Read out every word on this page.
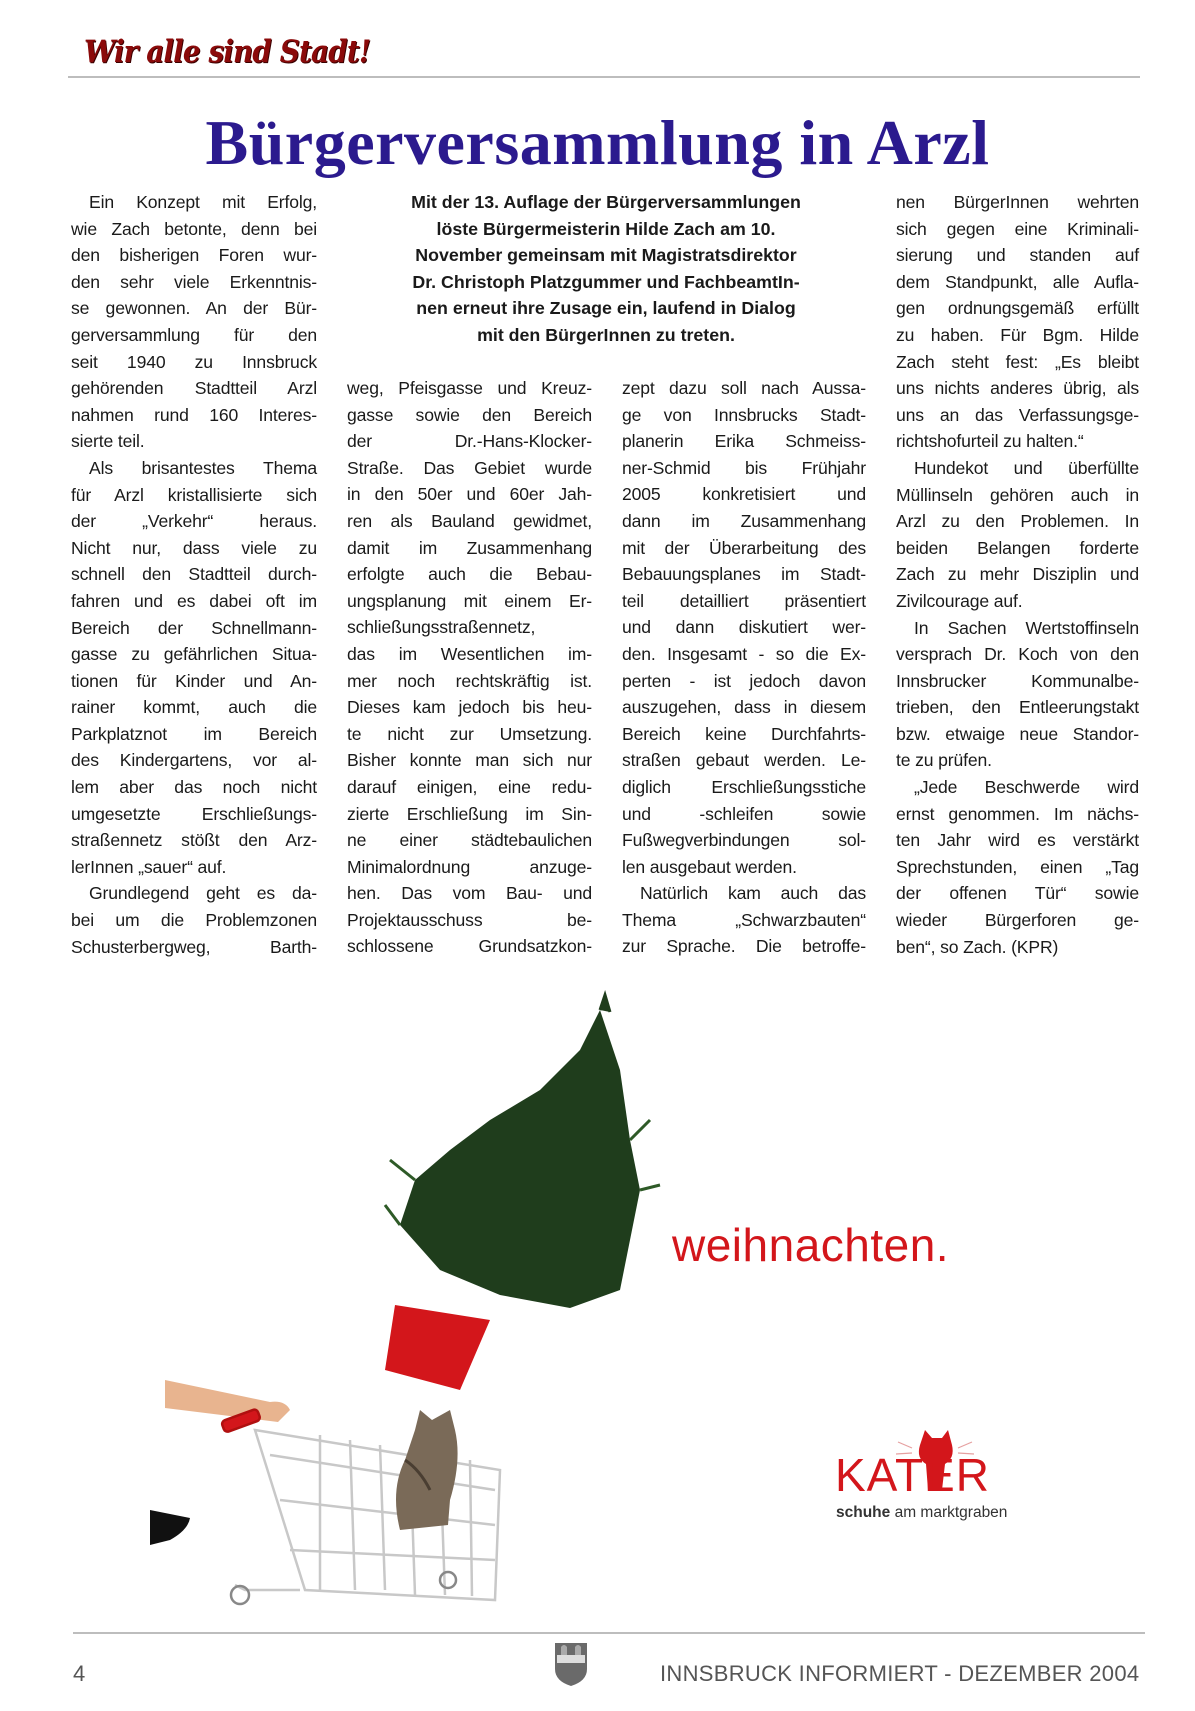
Wir alle sind Stadt!
Bürgerversammlung in Arzl
Mit der 13. Auflage der Bürgerversammlungen
löste Bürgermeisterin Hilde Zach am 10.
November gemeinsam mit Magistratsdirektor
Dr. Christoph Platzgummer und FachbeamtIn-
nen erneut ihre Zusage ein, laufend in Dialog
mit den BürgerInnen zu treten.
Ein Konzept mit Erfolg,
wie Zach betonte, denn bei
den bisherigen Foren wur-
den sehr viele Erkenntnis-
se gewonnen. An der Bür-
gerversammlung für den
seit 1940 zu Innsbruck
gehörenden Stadtteil Arzl
nahmen rund 160 Interes-
sierte teil.
Als brisantestes Thema
für Arzl kristallisierte sich
der „Verkehr“ heraus.
Nicht nur, dass viele zu
schnell den Stadtteil durch-
fahren und es dabei oft im
Bereich der Schnellmann-
gasse zu gefährlichen Situa-
tionen für Kinder und An-
rainer kommt, auch die
Parkplatznot im Bereich
des Kindergartens, vor al-
lem aber das noch nicht
umgesetzte Erschließungs-
straßennetz stößt den Arz-
lerInnen „sauer“ auf.
Grundlegend geht es da-
bei um die Problemzonen
Schusterbergweg, Barth-
weg, Pfeisgasse und Kreuz-
gasse sowie den Bereich
der Dr.-Hans-Klocker-
Straße. Das Gebiet wurde
in den 50er und 60er Jah-
ren als Bauland gewidmet,
damit im Zusammenhang
erfolgte auch die Bebau-
ungsplanung mit einem Er-
schließungsstraßennetz,
das im Wesentlichen im-
mer noch rechtskräftig ist.
Dieses kam jedoch bis heu-
te nicht zur Umsetzung.
Bisher konnte man sich nur
darauf einigen, eine redu-
zierte Erschließung im Sin-
ne einer städtebaulichen
Minimalordnung anzuge-
hen. Das vom Bau- und
Projektausschuss be-
schlossene Grundsatzkon-
zept dazu soll nach Aussa-
ge von Innsbrucks Stadt-
planerin Erika Schmeiss-
ner-Schmid bis Frühjahr
2005 konkretisiert und
dann im Zusammenhang
mit der Überarbeitung des
Bebauungsplanes im Stadt-
teil detailliert präsentiert
und dann diskutiert wer-
den. Insgesamt - so die Ex-
perten - ist jedoch davon
auszugehen, dass in diesem
Bereich keine Durchfahrts-
straßen gebaut werden. Le-
diglich Erschließungsstiche
und -schleifen sowie
Fußwegverbindungen sol-
len ausgebaut werden.
Natürlich kam auch das
Thema „Schwarzbauten“
zur Sprache. Die betroffe-
nen BürgerInnen wehrten
sich gegen eine Kriminali-
sierung und standen auf
dem Standpunkt, alle Aufla-
gen ordnungsgemäß erfüllt
zu haben. Für Bgm. Hilde
Zach steht fest: „Es bleibt
uns nichts anderes übrig, als
uns an das Verfassungsge-
richtshofurteil zu halten.“
Hundekot und überfüllte
Müllinseln gehören auch in
Arzl zu den Problemen. In
beiden Belangen forderte
Zach zu mehr Disziplin und
Zivilcourage auf.
In Sachen Wertstoffinseln
versprach Dr. Koch von den
Innsbrucker Kommunalbe-
trieben, den Entleerungstakt
bzw. etwaige neue Standor-
te zu prüfen.
„Jede Beschwerde wird
ernst genommen. Im nächs-
ten Jahr wird es verstärkt
Sprechstunden, einen „Tag
der offenen Tür“ sowie
wieder Bürgerforen ge-
ben“, so Zach. (KPR)
weihnachten.
KATER
schuhe am marktgraben
4	INNSBRUCK INFORMIERT - DEZEMBER 2004
